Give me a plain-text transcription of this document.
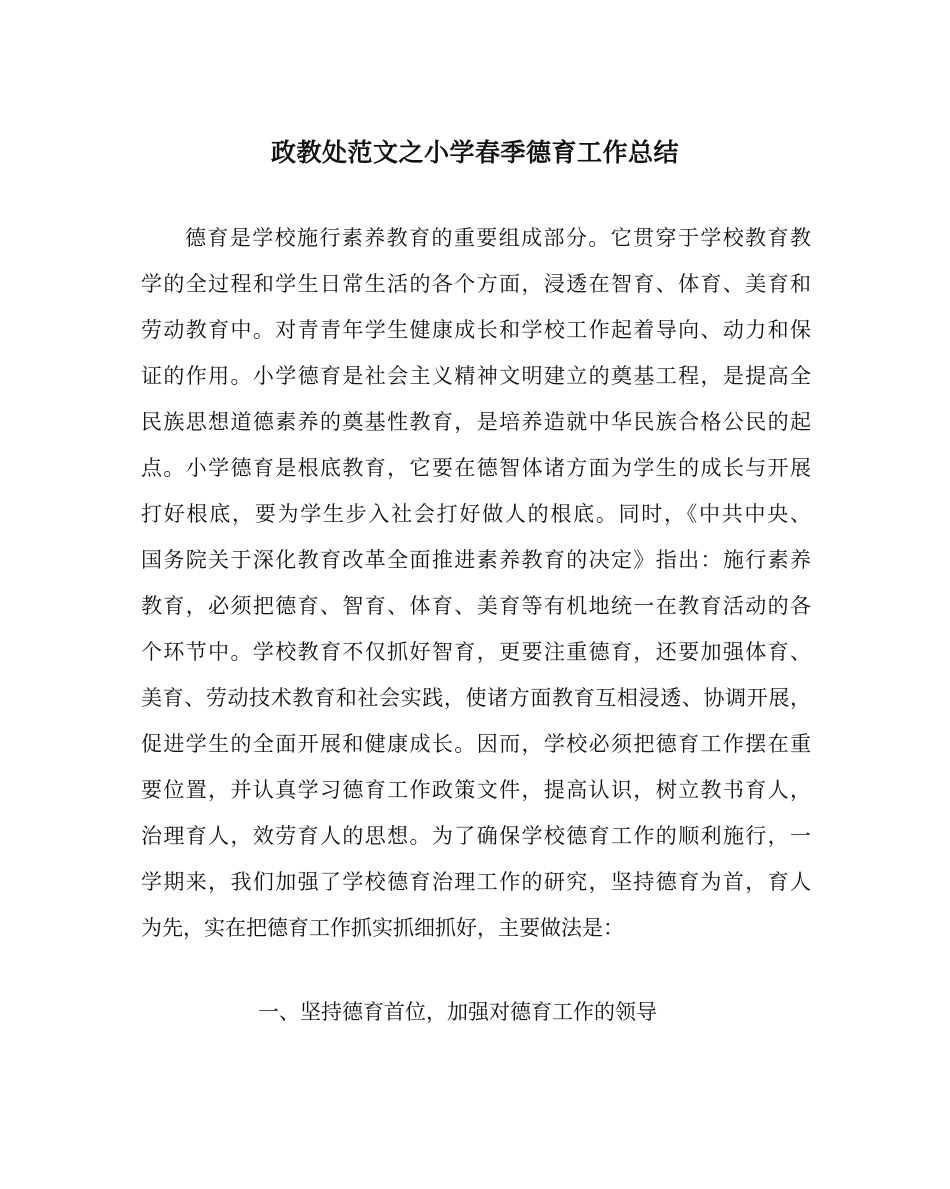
政教处范文之小学春季德育工作总结
德育是学校施行素养教育的重要组成部分。它贯穿于学校教育教
学的全过程和学生日常生活的各个方面，浸透在智育、体育、美育和
劳动教育中。对青青年学生健康成长和学校工作起着导向、动力和保
证的作用。小学德育是社会主义精神文明建立的奠基工程，是提高全
民族思想道德素养的奠基性教育，是培养造就中华民族合格公民的起
点。小学德育是根底教育，它要在德智体诸方面为学生的成长与开展
打好根底，要为学生步入社会打好做人的根底。同时，《中共中央、
国务院关于深化教育改革全面推进素养教育的决定》指出：施行素养
教育，必须把德育、智育、体育、美育等有机地统一在教育活动的各
个环节中。学校教育不仅抓好智育，更要注重德育，还要加强体育、
美育、劳动技术教育和社会实践，使诸方面教育互相浸透、协调开展，
促进学生的全面开展和健康成长。因而，学校必须把德育工作摆在重
要位置，并认真学习德育工作政策文件，提高认识，树立教书育人，
治理育人，效劳育人的思想。为了确保学校德育工作的顺利施行，一
学期来，我们加强了学校德育治理工作的研究，坚持德育为首，育人
为先，实在把德育工作抓实抓细抓好，主要做法是：
一、坚持德育首位，加强对德育工作的领导
